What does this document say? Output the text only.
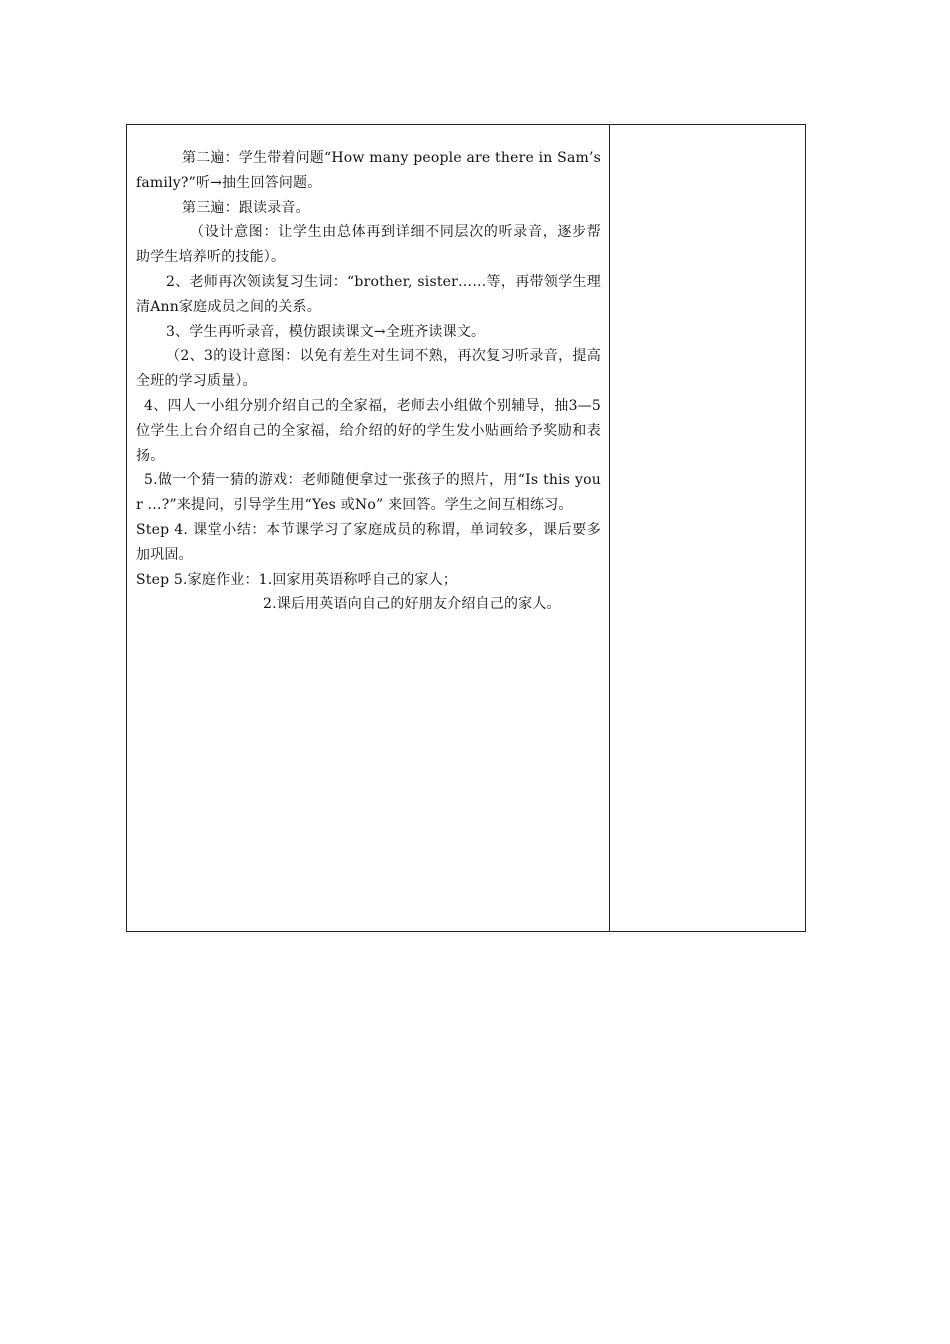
第二遍：学生带着问题“How many people are there in Sam’s family?”听→抽生回答问题。

第三遍：跟读录音。

（设计意图：让学生由总体再到详细不同层次的听录音，逐步帮助学生培养听的技能）。

2、老师再次领读复习生词：“brother, sister……等，再带领学生理清Ann家庭成员之间的关系。

3、学生再听录音，模仿跟读课文→全班齐读课文。

（2、3的设计意图：以免有差生对生词不熟，再次复习听录音，提高全班的学习质量）。

4、四人一小组分别介绍自己的全家福，老师去小组做个别辅导，抽3—5位学生上台介绍自己的全家福，给介绍的好的学生发小贴画给予奖励和表扬。

5.做一个猜一猜的游戏：老师随便拿过一张孩子的照片，用“Is this your …?”来提问，引导学生用“Yes 或No” 来回答。学生之间互相练习。

Step 4. 课堂小结：本节课学习了家庭成员的称谓，单词较多，课后要多加巩固。

Step 5.家庭作业：1.回家用英语称呼自己的家人；

2.课后用英语向自己的好朋友介绍自己的家人。
